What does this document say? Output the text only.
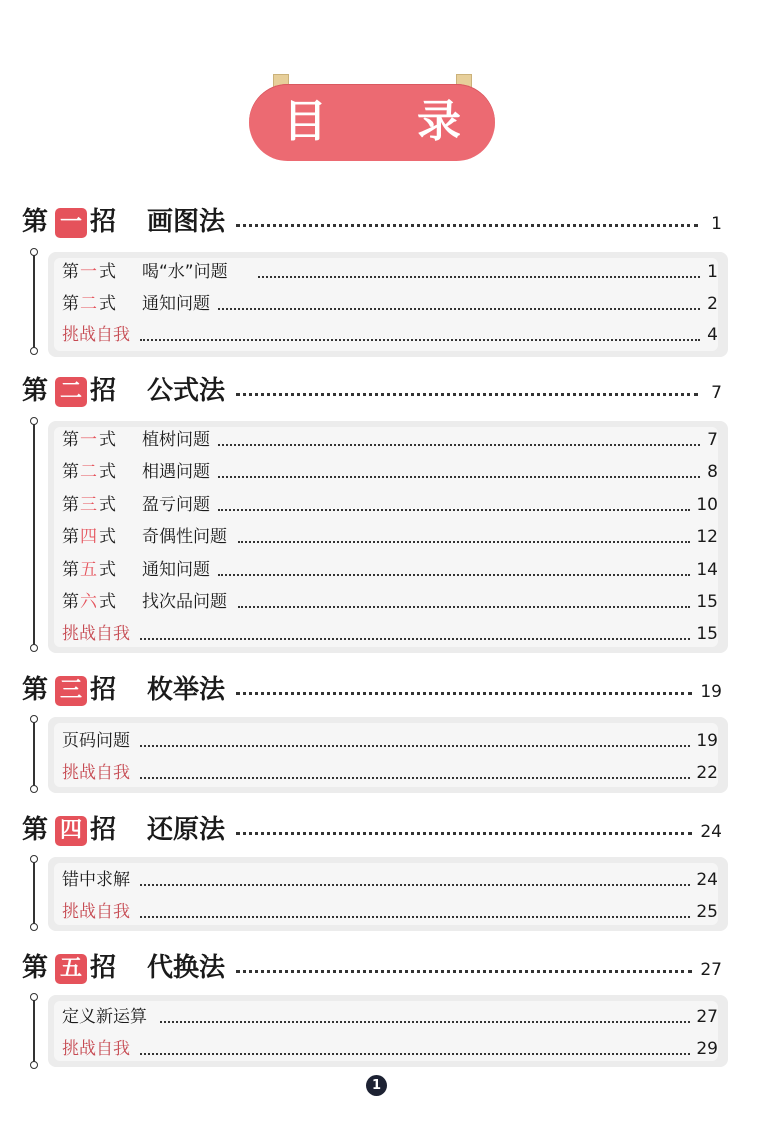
目 录
第 一 招 画图法	1
第 一 式 喝“水”问题	1
第 二 式 通知问题	2
挑战自我	4
第 二 招 公式法	7
第 一 式 植树问题	7
第 二 式 相遇问题	8
第 三 式 盈亏问题	10
第 四 式 奇偶性问题	12
第 五 式 通知问题	14
第 六 式 找次品问题	15
挑战自我	15
第 三 招 枚举法	19
页码问题	19
挑战自我	22
第 四 招 还原法	24
错中求解	24
挑战自我	25
第 五 招 代换法	27
定义新运算	27
挑战自我	29
1
